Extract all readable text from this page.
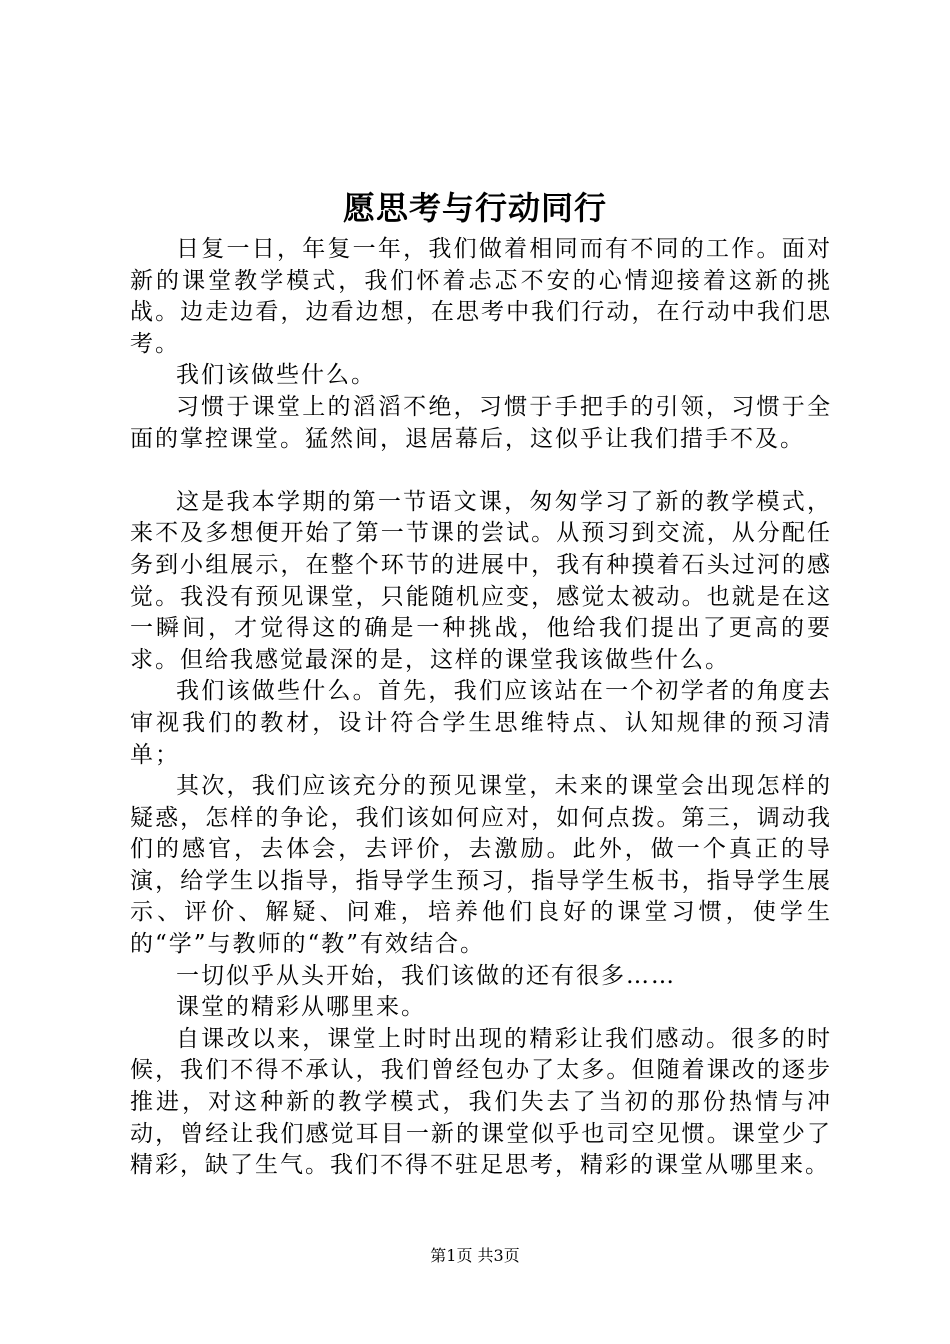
愿思考与行动同行

日复一日，年复一年，我们做着相同而有不同的工作。面对新的课堂教学模式，我们怀着忐忑不安的心情迎接着这新的挑战。边走边看，边看边想，在思考中我们行动，在行动中我们思考。

我们该做些什么。

习惯于课堂上的滔滔不绝，习惯于手把手的引领，习惯于全面的掌控课堂。猛然间，退居幕后，这似乎让我们措手不及。

这是我本学期的第一节语文课，匆匆学习了新的教学模式，来不及多想便开始了第一节课的尝试。从预习到交流，从分配任务到小组展示，在整个环节的进展中，我有种摸着石头过河的感觉。我没有预见课堂，只能随机应变，感觉太被动。也就是在这一瞬间，才觉得这的确是一种挑战，他给我们提出了更高的要求。但给我感觉最深的是，这样的课堂我该做些什么。

我们该做些什么。首先，我们应该站在一个初学者的角度去审视我们的教材，设计符合学生思维特点、认知规律的预习清单；

其次，我们应该充分的预见课堂，未来的课堂会出现怎样的疑惑，怎样的争论，我们该如何应对，如何点拨。第三，调动我们的感官，去体会，去评价，去激励。此外，做一个真正的导演，给学生以指导，指导学生预习，指导学生板书，指导学生展示、评价、解疑、问难，培养他们良好的课堂习惯，使学生的“学”与教师的“教”有效结合。

一切似乎从头开始，我们该做的还有很多……

课堂的精彩从哪里来。

自课改以来，课堂上时时出现的精彩让我们感动。很多的时候，我们不得不承认，我们曾经包办了太多。但随着课改的逐步推进，对这种新的教学模式，我们失去了当初的那份热情与冲动，曾经让我们感觉耳目一新的课堂似乎也司空见惯。课堂少了精彩，缺了生气。我们不得不驻足思考，精彩的课堂从哪里来。

第1页 共3页
